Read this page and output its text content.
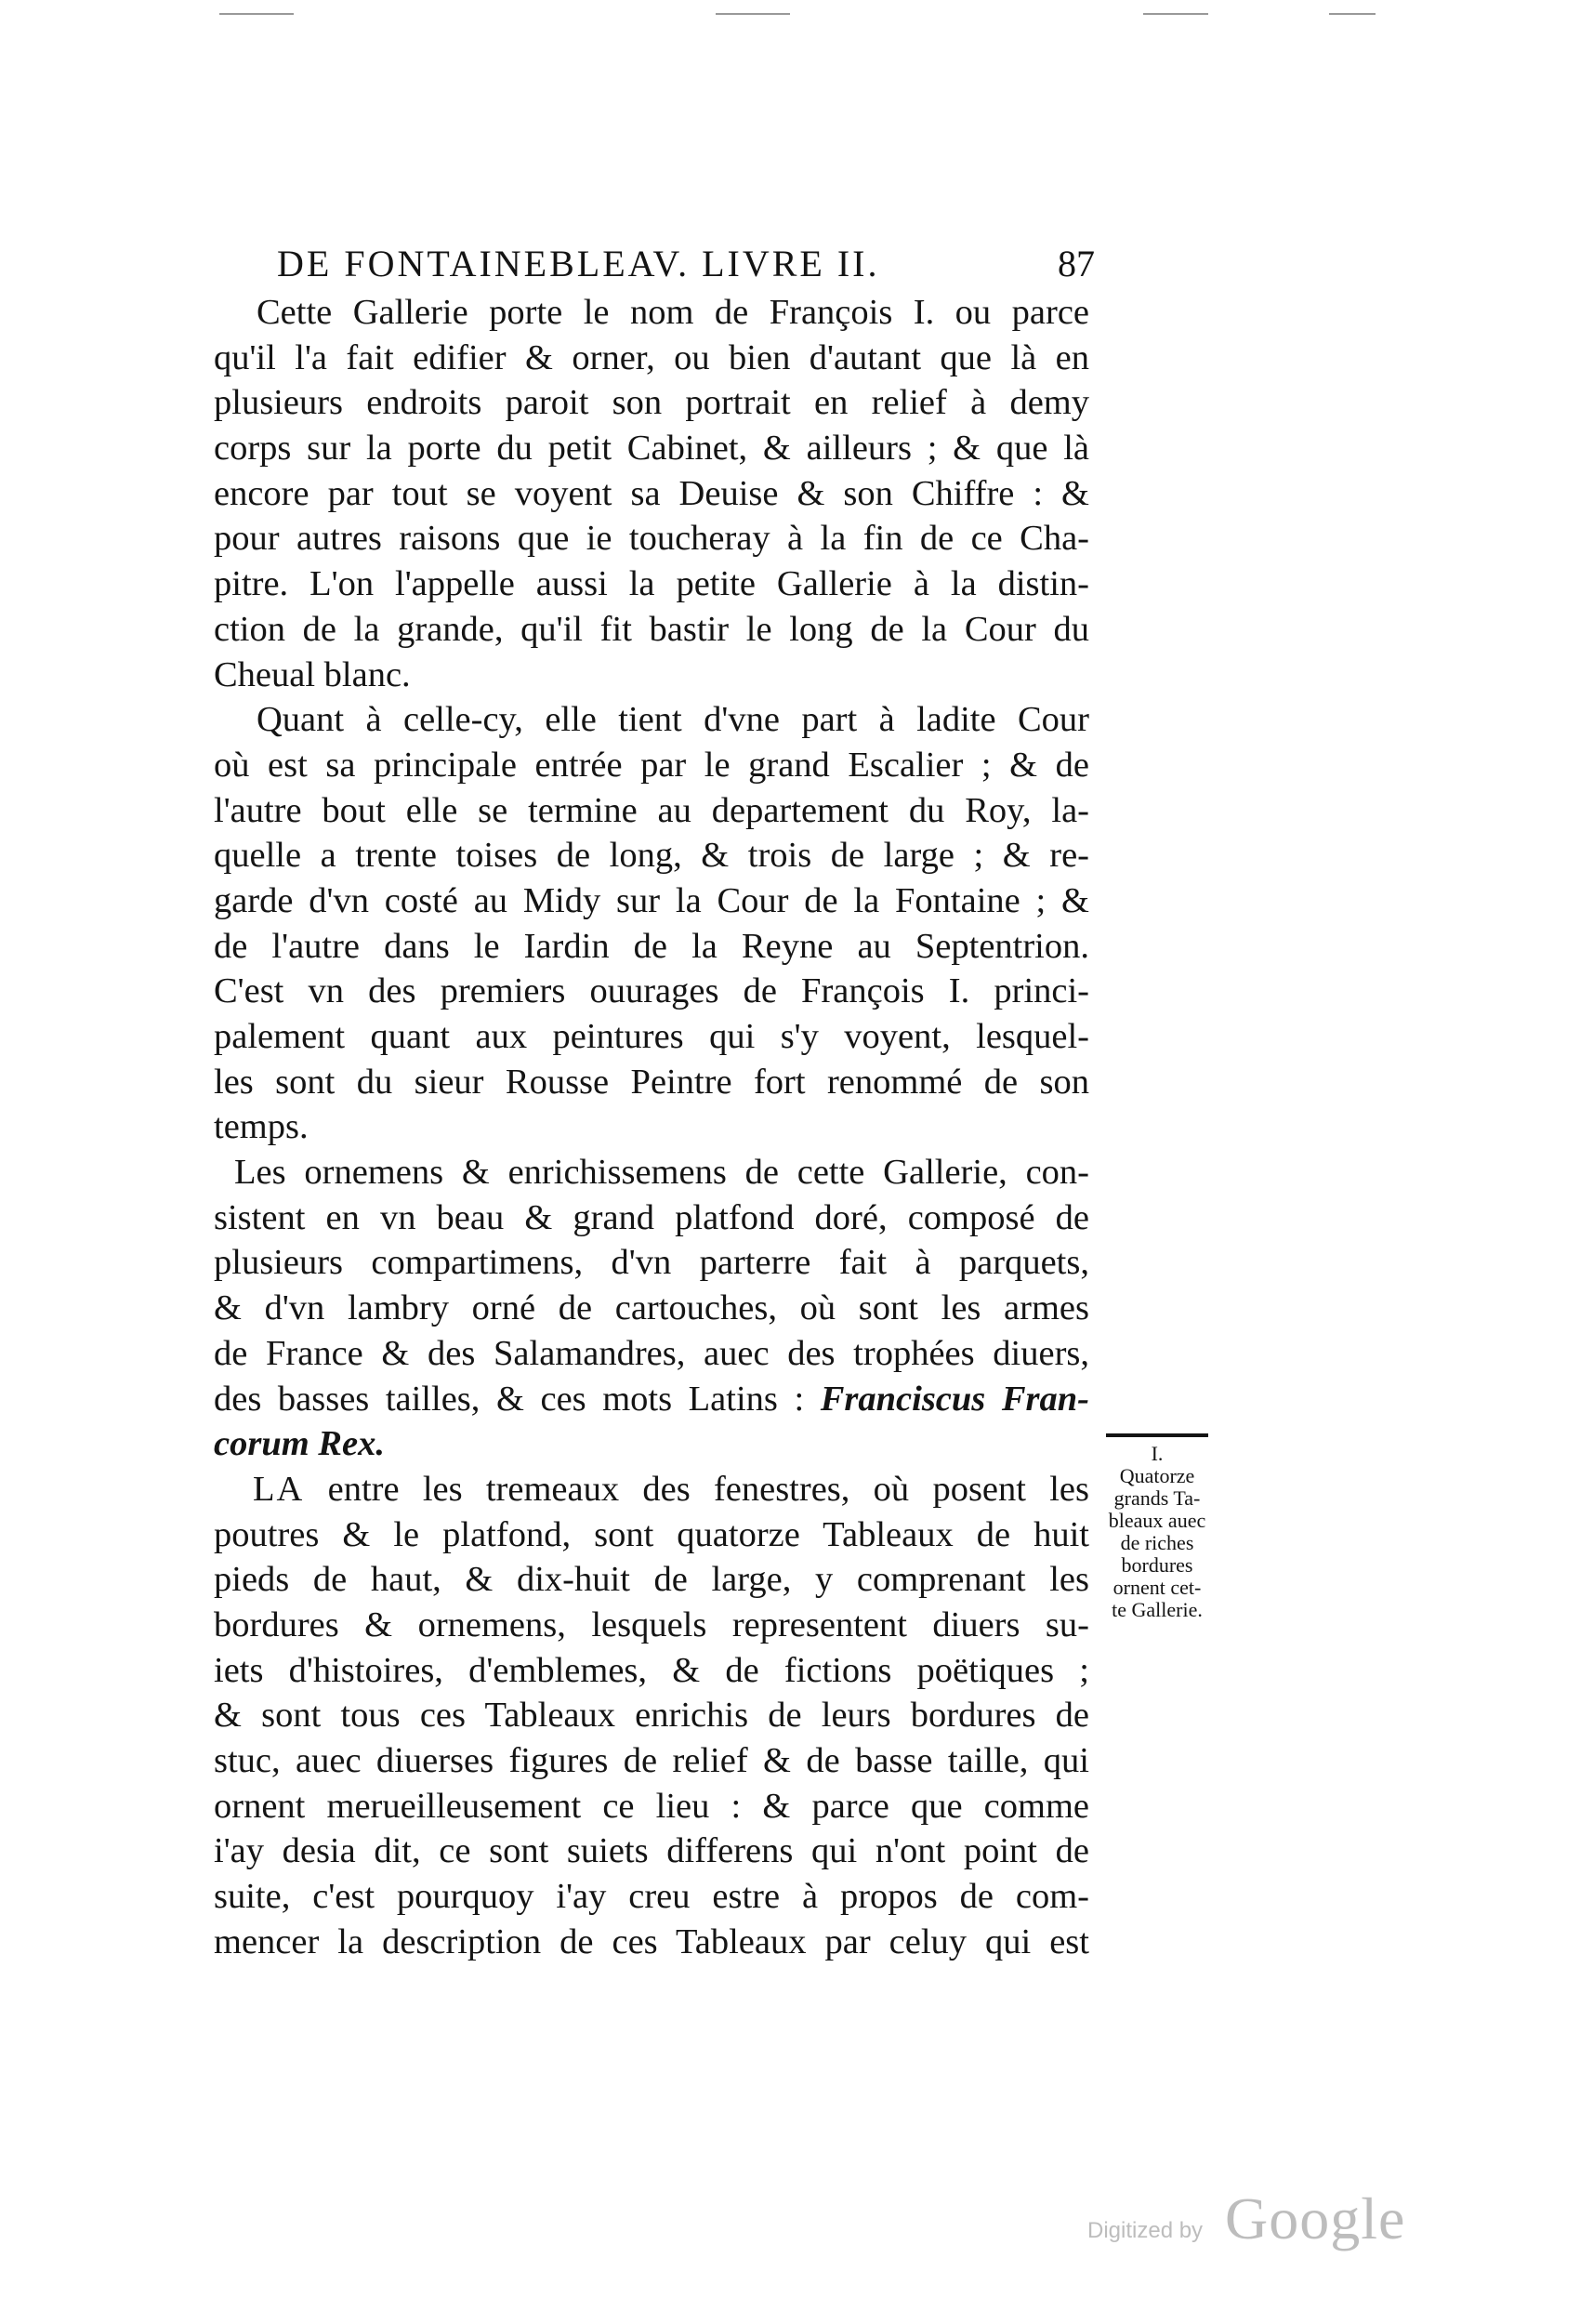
DE FONTAINEBLEAV. LIVRE II.	87
Cette Gallerie porte le nom de François I. ou parce
qu'il l'a fait edifier & orner, ou bien d'autant que là en
plusieurs endroits paroit son portrait en relief à demy
corps sur la porte du petit Cabinet, & ailleurs ; & que là
encore par tout se voyent sa Deuise & son Chiffre : &
pour autres raisons que ie toucheray à la fin de ce Cha-
pitre. L'on l'appelle aussi la petite Gallerie à la distin-
ction de la grande, qu'il fit bastir le long de la Cour du
Cheual blanc.
Quant à celle-cy, elle tient d'vne part à ladite Cour
où est sa principale entrée par le grand Escalier ; & de
l'autre bout elle se termine au departement du Roy, la-
quelle a trente toises de long, & trois de large ; & re-
garde d'vn costé au Midy sur la Cour de la Fontaine ; &
de l'autre dans le Iardin de la Reyne au Septentrion.
C'est vn des premiers ouurages de François I. princi-
palement quant aux peintures qui s'y voyent, lesquel-
les sont du sieur Rousse Peintre fort renommé de son
temps.
Les ornemens & enrichissemens de cette Gallerie, con-
sistent en vn beau & grand platfond doré, composé de
plusieurs compartimens, d'vn parterre fait à parquets,
& d'vn lambry orné de cartouches, où sont les armes
de France & des Salamandres, auec des trophées diuers,
des basses tailles, & ces mots Latins : Franciscus Fran-
corum Rex.
LA entre les tremeaux des fenestres, où posent les
poutres & le platfond, sont quatorze Tableaux de huit
pieds de haut, & dix-huit de large, y comprenant les
bordures & ornemens, lesquels representent diuers su-
iets d'histoires, d'emblemes, & de fictions poëtiques ;
& sont tous ces Tableaux enrichis de leurs bordures de
stuc, auec diuerses figures de relief & de basse taille, qui
ornent merueilleusement ce lieu : & parce que comme
i'ay desia dit, ce sont suiets differens qui n'ont point de
suite, c'est pourquoy i'ay creu estre à propos de com-
mencer la description de ces Tableaux par celuy qui est
I.
Quatorze
grands Ta-
bleaux auec
de riches
bordures
ornent cet-
te Gallerie.
Digitized by Google
